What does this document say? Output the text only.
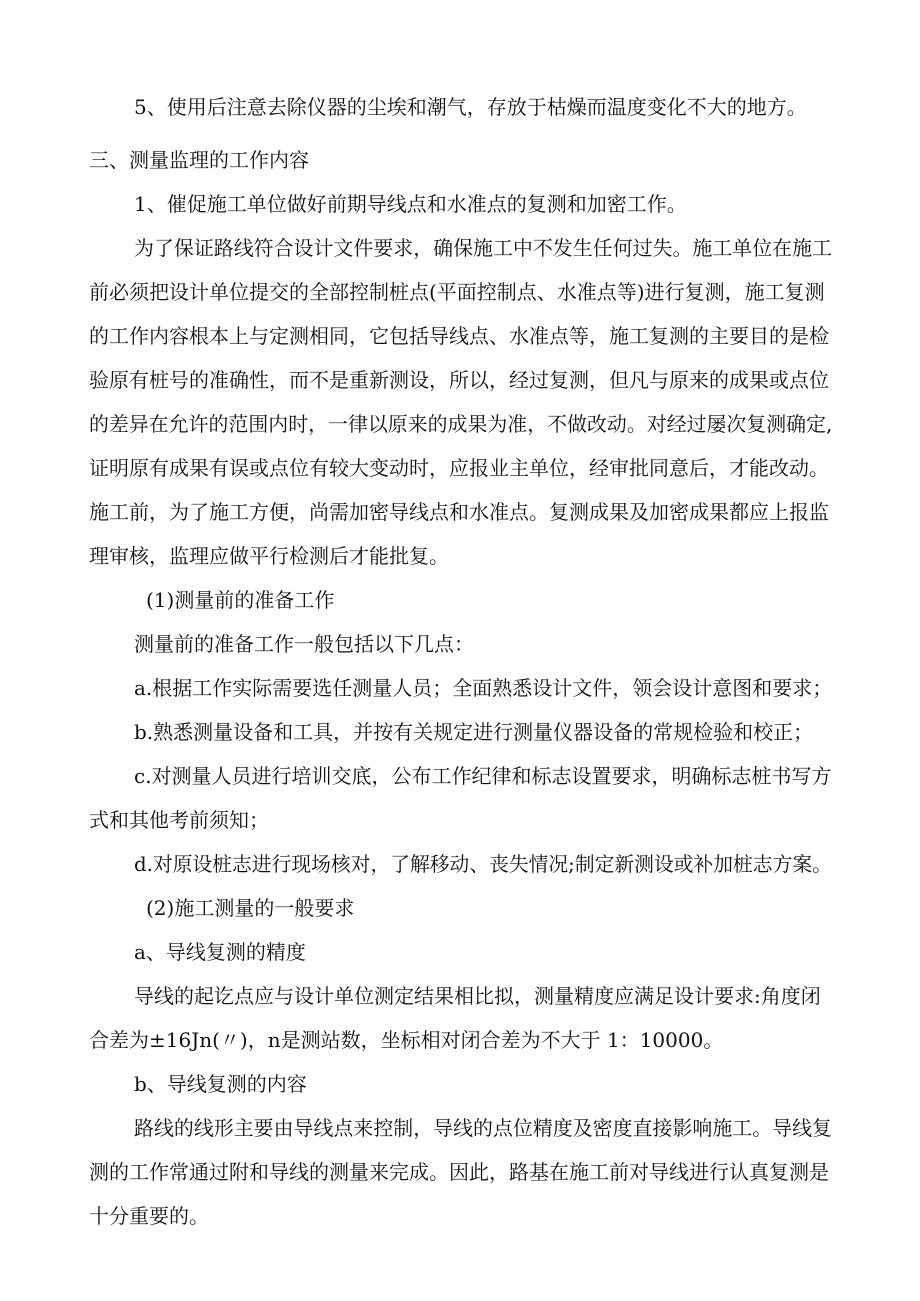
5、使用后注意去除仪器的尘埃和潮气，存放于枯燥而温度变化不大的地方。
三、测量监理的工作内容
1、催促施工单位做好前期导线点和水准点的复测和加密工作。
为了保证路线符合设计文件要求，确保施工中不发生任何过失。施工单位在施工
前必须把设计单位提交的全部控制桩点(平面控制点、水准点等)进行复测，施工复测
的工作内容根本上与定测相同，它包括导线点、水准点等，施工复测的主要目的是检
验原有桩号的准确性，而不是重新测设，所以，经过复测，但凡与原来的成果或点位
的差异在允许的范围内时，一律以原来的成果为准，不做改动。对经过屡次复测确定,
证明原有成果有误或点位有较大变动时，应报业主单位，经审批同意后，才能改动。
施工前，为了施工方便，尚需加密导线点和水准点。复测成果及加密成果都应上报监
理审核，监理应做平行检测后才能批复。
(1)测量前的准备工作
测量前的准备工作一般包括以下几点：
a.根据工作实际需要选任测量人员；全面熟悉设计文件，领会设计意图和要求；
b.熟悉测量设备和工具，并按有关规定进行测量仪器设备的常规检验和校正；
c.对测量人员进行培训交底，公布工作纪律和标志设置要求，明确标志桩书写方
式和其他考前须知；
d.对原设桩志进行现场核对，了解移动、丧失情况;制定新测设或补加桩志方案。
(2)施工测量的一般要求
a、导线复测的精度
导线的起讫点应与设计单位测定结果相比拟，测量精度应满足设计要求:角度闭
合差为±16Jn(〃)，n是测站数，坐标相对闭合差为不大于 1：10000。
b、导线复测的内容
路线的线形主要由导线点来控制，导线的点位精度及密度直接影响施工。导线复
测的工作常通过附和导线的测量来完成。因此，路基在施工前对导线进行认真复测是
十分重要的。
